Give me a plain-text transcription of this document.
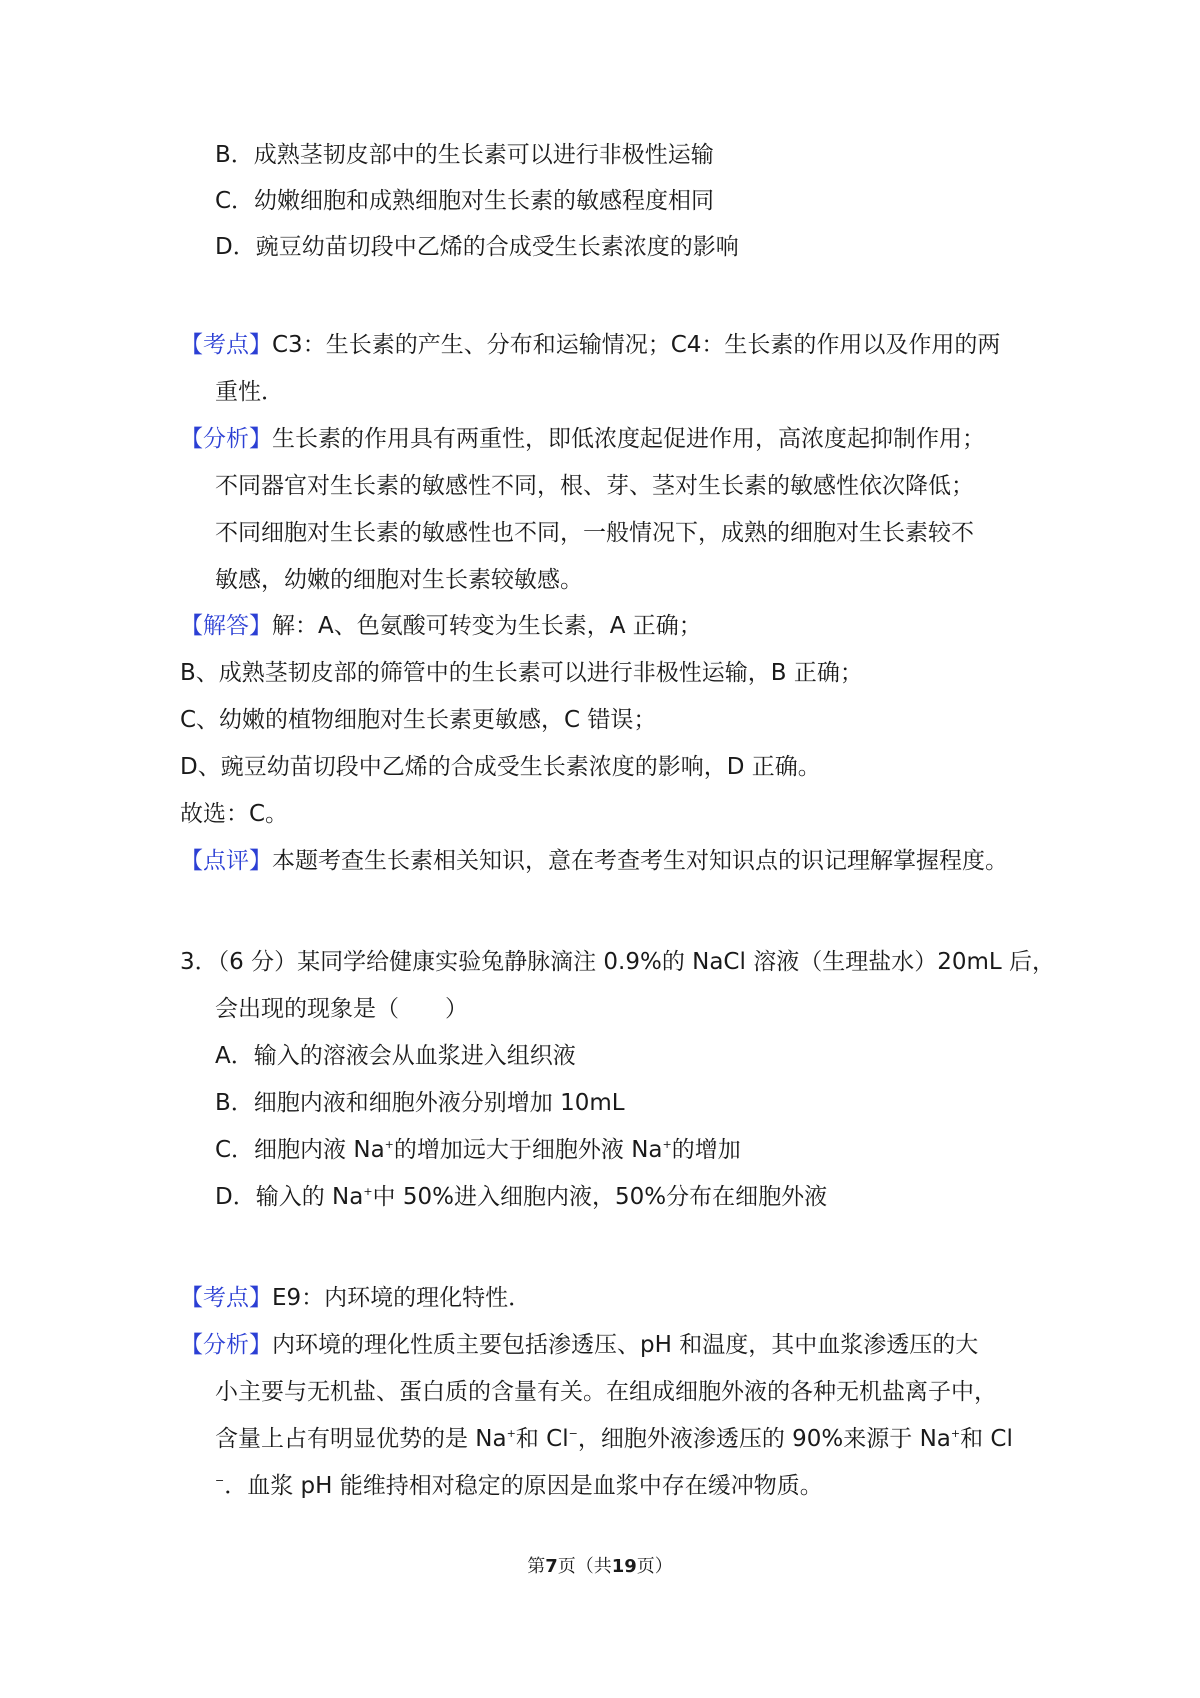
B．成熟茎韧皮部中的生长素可以进行非极性运输
C．幼嫩细胞和成熟细胞对生长素的敏感程度相同
D．豌豆幼苗切段中乙烯的合成受生长素浓度的影响
【考点】C3：生长素的产生、分布和运输情况；C4：生长素的作用以及作用的两
重性．
【分析】生长素的作用具有两重性，即低浓度起促进作用，高浓度起抑制作用；
不同器官对生长素的敏感性不同，根、芽、茎对生长素的敏感性依次降低；
不同细胞对生长素的敏感性也不同，一般情况下，成熟的细胞对生长素较不
敏感，幼嫩的细胞对生长素较敏感。
【解答】解：A、色氨酸可转变为生长素，A 正确；
B、成熟茎韧皮部的筛管中的生长素可以进行非极性运输，B 正确；
C、幼嫩的植物细胞对生长素更敏感，C 错误；
D、豌豆幼苗切段中乙烯的合成受生长素浓度的影响，D 正确。
故选：C。
【点评】本题考查生长素相关知识，意在考查考生对知识点的识记理解掌握程度。
3．（6 分）某同学给健康实验兔静脉滴注 0.9%的 NaCl 溶液（生理盐水）20mL 后，
会出现的现象是（　　）
A．输入的溶液会从血浆进入组织液
B．细胞内液和细胞外液分别增加 10mL
C．细胞内液 Na+的增加远大于细胞外液 Na+的增加
D．输入的 Na+中 50%进入细胞内液，50%分布在细胞外液
【考点】E9：内环境的理化特性．
【分析】内环境的理化性质主要包括渗透压、pH 和温度，其中血浆渗透压的大
小主要与无机盐、蛋白质的含量有关。在组成细胞外液的各种无机盐离子中，
含量上占有明显优势的是 Na+和 Cl−，细胞外液渗透压的 90%来源于 Na+和 Cl
−．血浆 pH 能维持相对稳定的原因是血浆中存在缓冲物质。
第7页（共19页）
